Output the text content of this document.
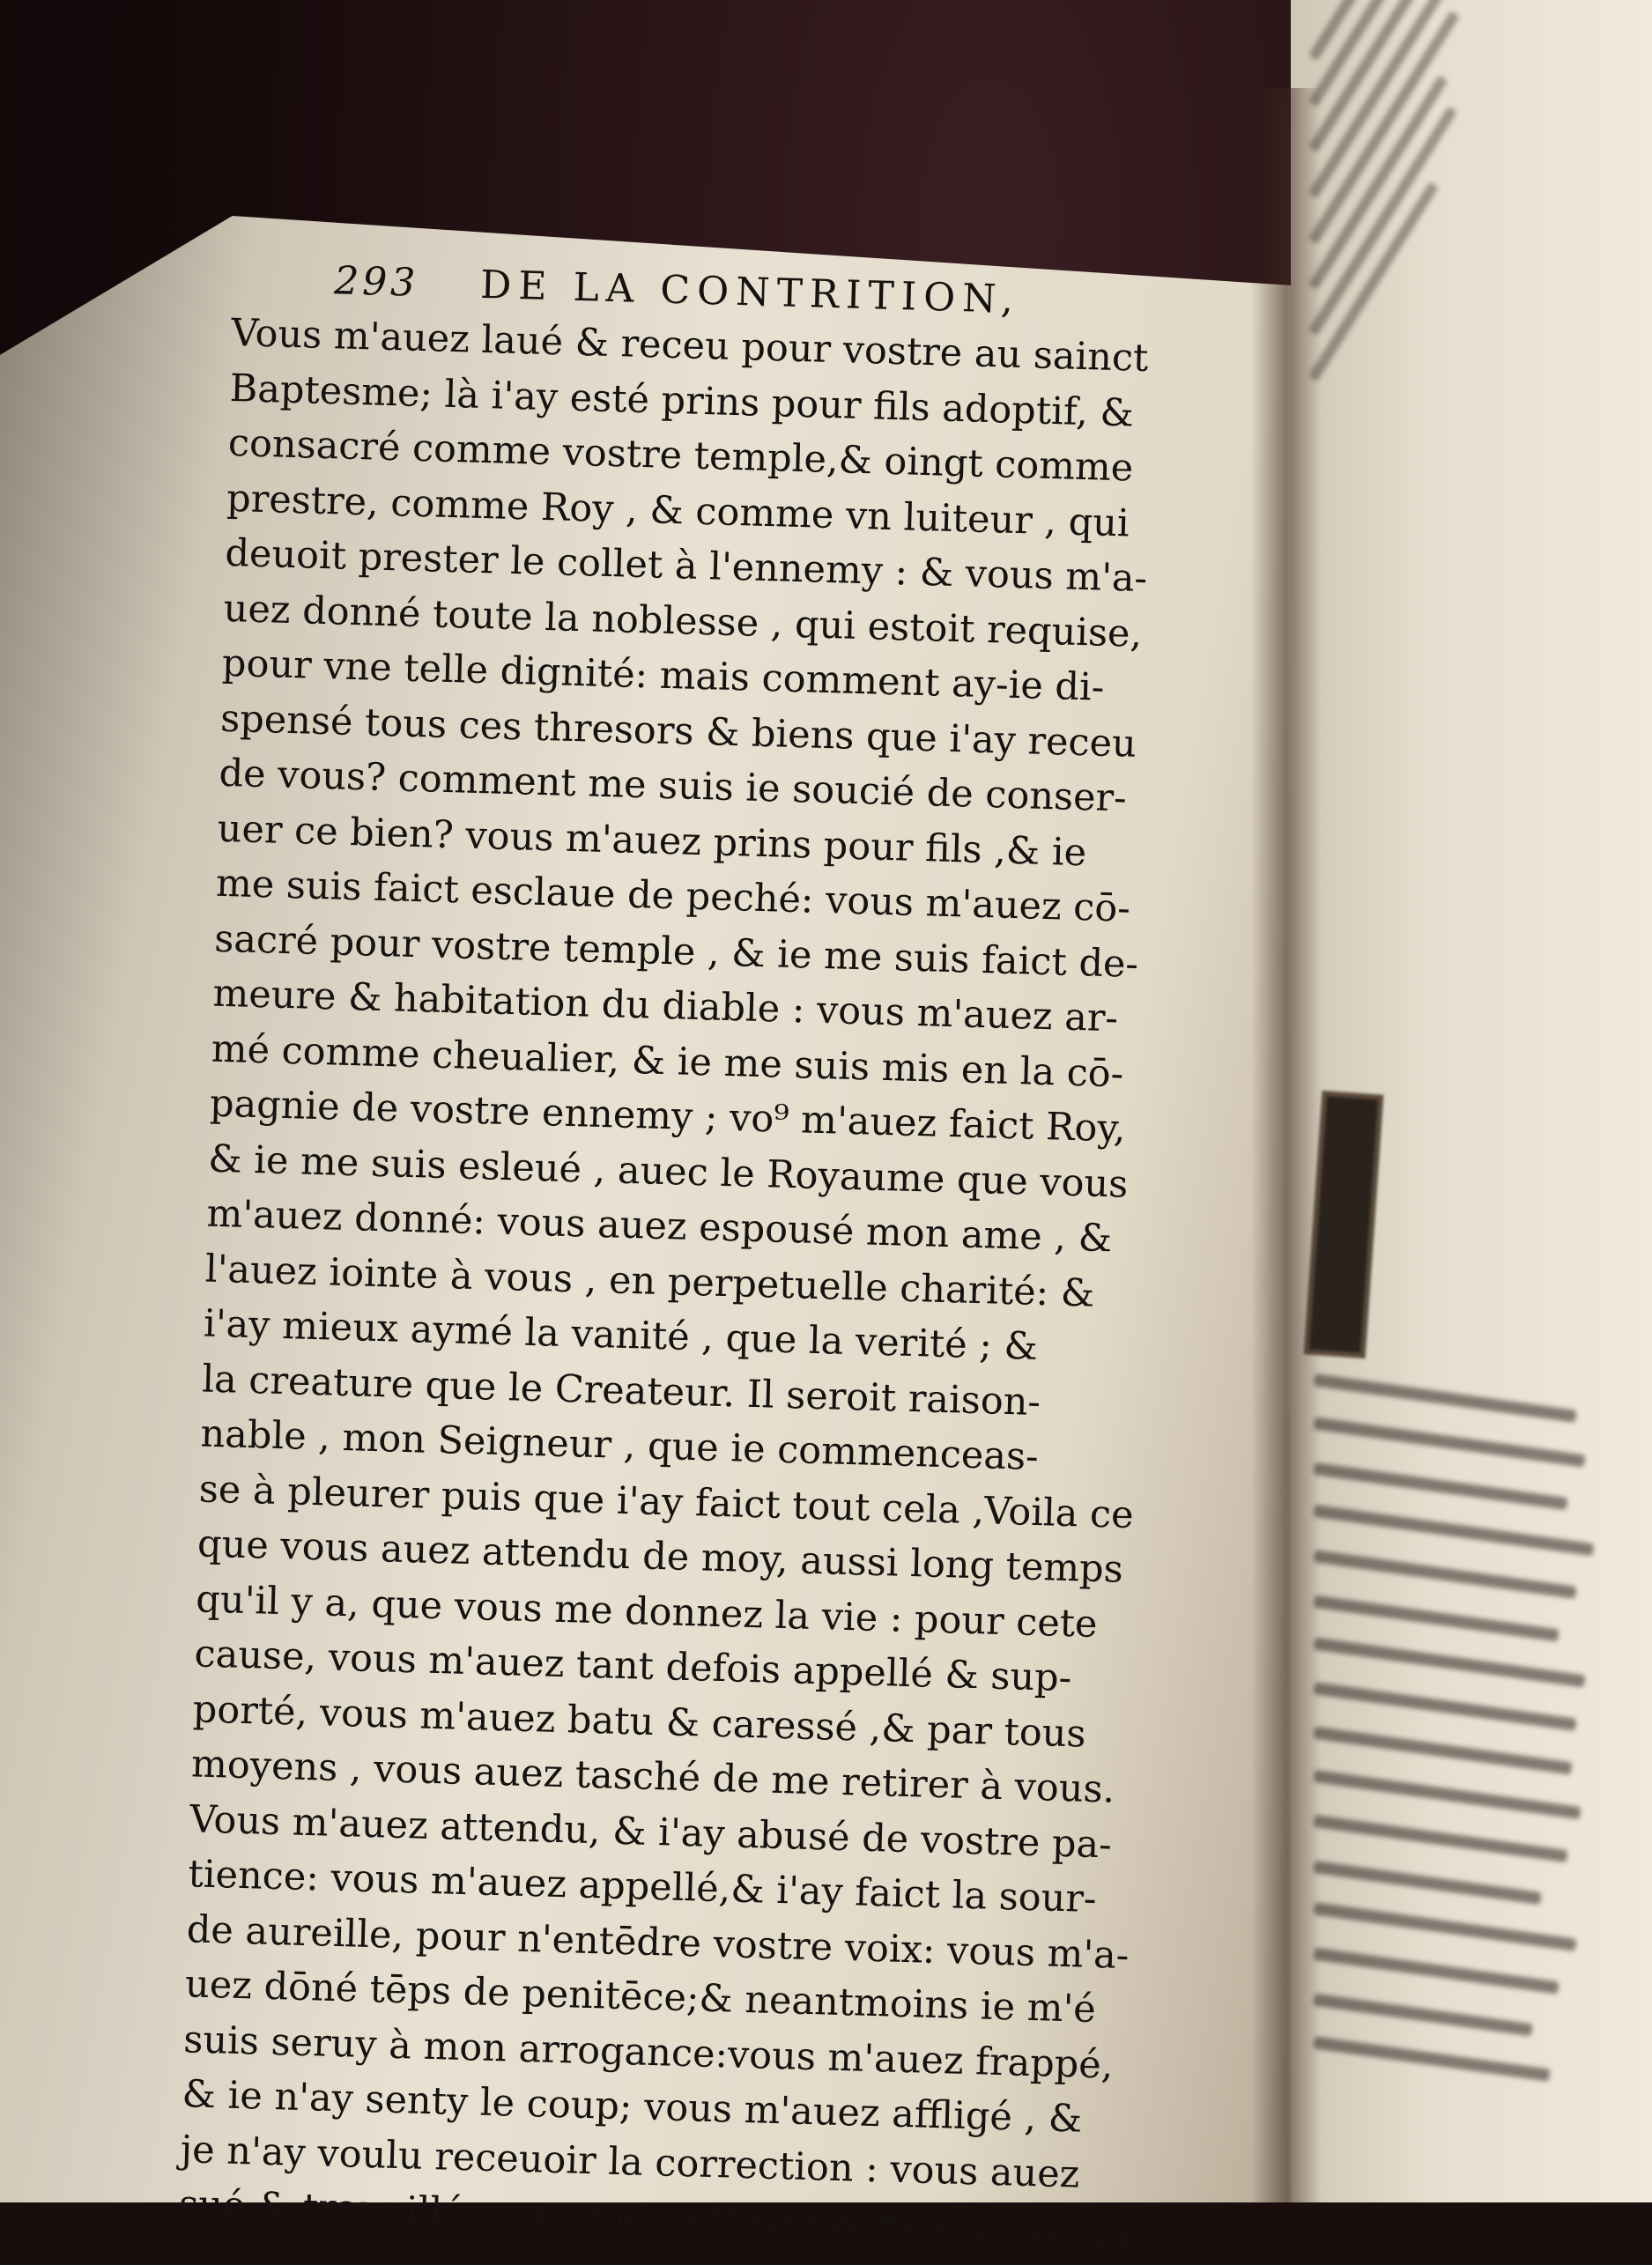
293 DE LA CONTRITION,
Vous m'auez laué & receu pour vostre au sainct
Baptesme; là i'ay esté prins pour fils adoptif, &
consacré comme vostre temple,& oingt comme
prestre, comme Roy , & comme vn luiteur , qui
deuoit prester le collet à l'ennemy : & vous m'a-
uez donné toute la noblesse , qui estoit requise,
pour vne telle dignité: mais comment ay-ie di-
spensé tous ces thresors & biens que i'ay receu
de vous? comment me suis ie soucié de conser-
uer ce bien? vous m'auez prins pour fils ,& ie
me suis faict esclaue de peché: vous m'auez cō-
sacré pour vostre temple , & ie me suis faict de-
meure & habitation du diable : vous m'auez ar-
mé comme cheualier, & ie me suis mis en la cō-
pagnie de vostre ennemy ; vo⁹ m'auez faict Roy,
& ie me suis esleué , auec le Royaume que vous
m'auez donné: vous auez espousé mon ame , &
l'auez iointe à vous , en perpetuelle charité: &
i'ay mieux aymé la vanité , que la verité ; &
la creature que le Createur. Il seroit raison-
nable , mon Seigneur , que ie commenceas-
se à pleurer puis que i'ay faict tout cela ,Voila ce
que vous auez attendu de moy, aussi long temps
qu'il y a, que vous me donnez la vie : pour cete
cause, vous m'auez tant defois appellé & sup-
porté, vous m'auez batu & caressé ,& par tous
moyens , vous auez tasché de me retirer à vous.
Vous m'auez attendu, & i'ay abusé de vostre pa-
tience: vous m'auez appellé,& i'ay faict la sour-
de aureille, pour n'entēdre vostre voix: vous m'a-
uez dōné tēps de penitēce;& neantmoins ie m'é
suis seruy à mon arrogance:vous m'auez frappé,
& ie n'ay senty le coup; vous m'auez affligé , &
je n'ay voulu receuoir la correction : vous auez
sué & trauaillé, pour me nettoyer,& neātmoins la
